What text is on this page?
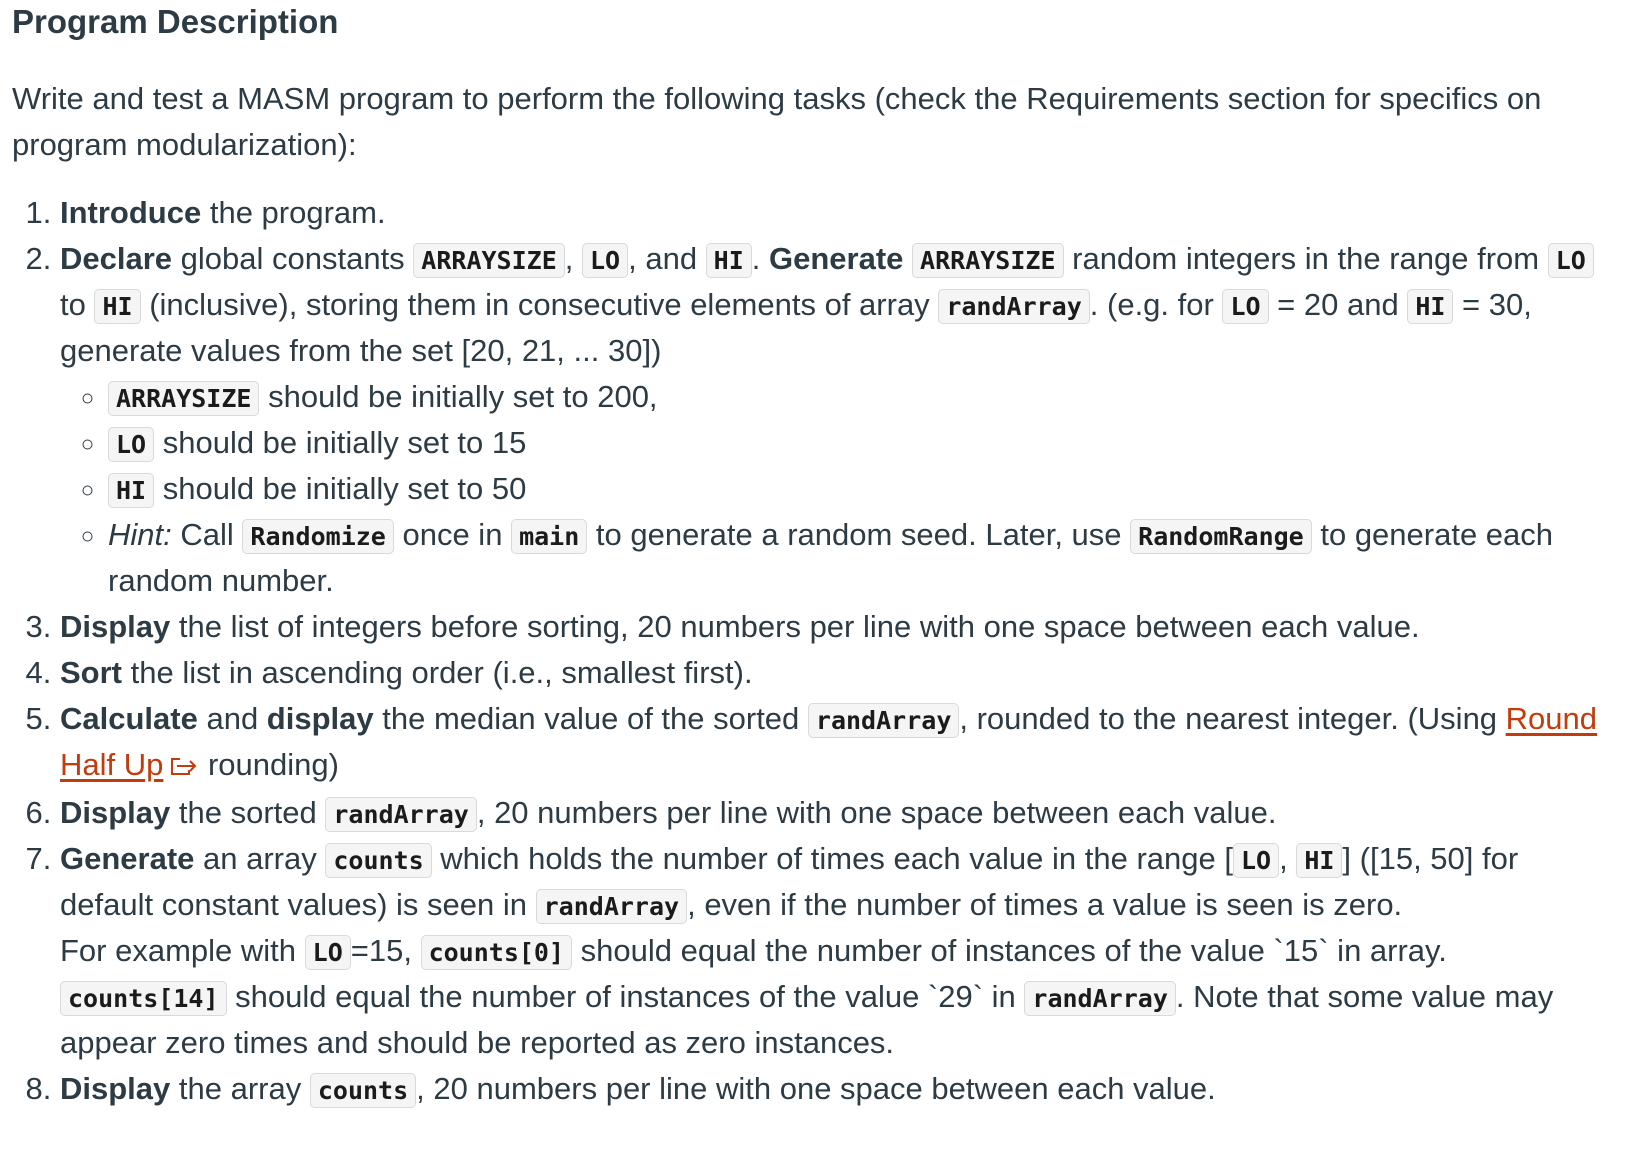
Program Description

Write and test a MASM program to perform the following tasks (check the Requirements section for specifics on program modularization):

1. Introduce the program.
2. Declare global constants ARRAYSIZE , LO , and HI . Generate ARRAYSIZE random integers in the range from LO to HI (inclusive), storing them in consecutive elements of array randArray . (e.g. for LO = 20 and HI = 30, generate values from the set [20, 21, ... 30])
◦ ARRAYSIZE should be initially set to 200,
◦ LO should be initially set to 15
◦ HI should be initially set to 50
◦ Hint: Call Randomize once in main to generate a random seed. Later, use RandomRange to generate each random number.
3. Display the list of integers before sorting, 20 numbers per line with one space between each value.
4. Sort the list in ascending order (i.e., smallest first).
5. Calculate and display the median value of the sorted randArray , rounded to the nearest integer. (Using Round Half Up rounding)
6. Display the sorted randArray , 20 numbers per line with one space between each value.
7. Generate an array counts which holds the number of times each value in the range [ LO , HI ] ([15, 50] for default constant values) is seen in randArray , even if the number of times a value is seen is zero.
For example with LO =15, counts[0] should equal the number of instances of the value `15` in array. counts[14] should equal the number of instances of the value `29` in randArray . Note that some value may appear zero times and should be reported as zero instances.
8. Display the array counts , 20 numbers per line with one space between each value.
